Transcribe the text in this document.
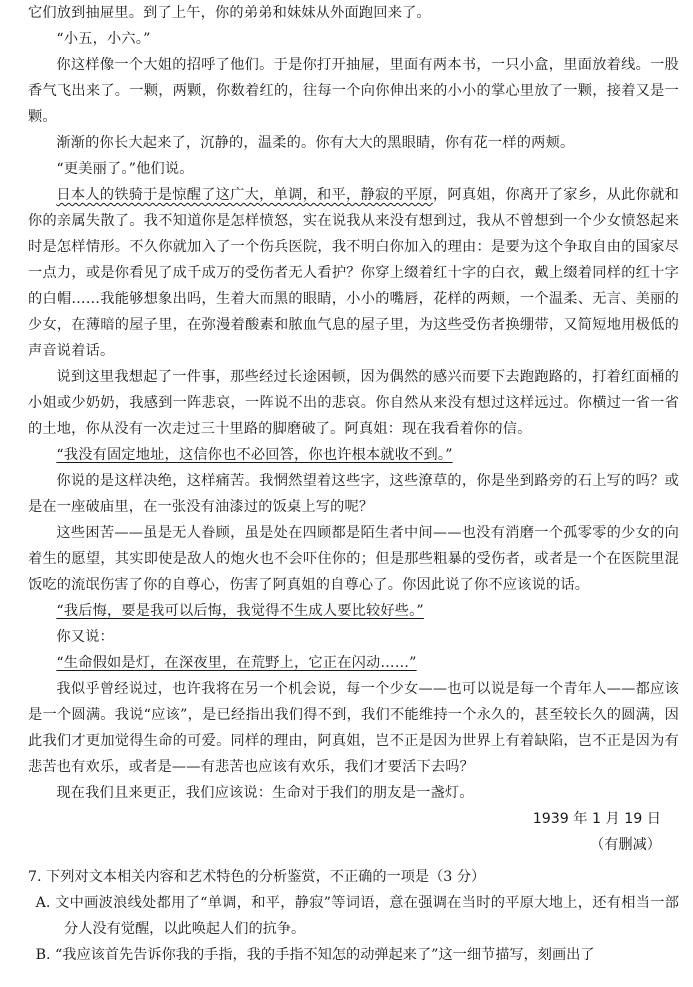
它们放到抽屉里。到了上午，你的弟弟和妹妹从外面跑回来了。

“小五，小六。”

你这样像一个大姐的招呼了他们。于是你打开抽屉，里面有两本书，一只小盒，里面放着线。一股香气飞出来了。一颗，两颗，你数着红的，往每一个向你伸出来的小小的掌心里放了一颗，接着又是一颗。

渐渐的你长大起来了，沉静的，温柔的。你有大大的黑眼睛，你有花一样的两颊。

“更美丽了。”他们说。

日本人的铁骑于是惊醒了这广大，单调，和平，静寂的平原，阿真姐，你离开了家乡，从此你就和你的亲属失散了。我不知道你是怎样愤怒，实在说我从来没有想到过，我从不曾想到一个少女愤怒起来时是怎样情形。不久你就加入了一个伤兵医院，我不明白你加入的理由：是要为这个争取自由的国家尽一点力，或是你看见了成千成万的受伤者无人看护？你穿上缀着红十字的白衣，戴上缀着同样的红十字的白帽……我能够想象出吗，生着大而黑的眼睛，小小的嘴唇，花样的两颊，一个温柔、无言、美丽的少女，在薄暗的屋子里，在弥漫着酸素和脓血气息的屋子里，为这些受伤者换绷带，又简短地用极低的声音说着话。

说到这里我想起了一件事，那些经过长途困顿，因为偶然的感兴而要下去跑跑路的，打着红面桶的小姐或少奶奶，我感到一阵悲哀，一阵说不出的悲哀。你自然从来没有想过这样远过。你横过一省一省的土地，你从没有一次走过三十里路的脚磨破了。阿真姐：现在我看着你的信。

“我没有固定地址，这信你也不必回答，你也许根本就收不到。”

你说的是这样决绝，这样痛苦。我惘然望着这些字，这些潦草的，你是坐到路旁的石上写的吗？或是在一座破庙里，在一张没有油漆过的饭桌上写的呢？

这些困苦——虽是无人眷顾，虽是处在四顾都是陌生者中间——也没有消磨一个孤零零的少女的向着生的愿望，其实即使是敌人的炮火也不会吓住你的；但是那些粗暴的受伤者，或者是一个在医院里混饭吃的流氓伤害了你的自尊心，伤害了阿真姐的自尊心了。你因此说了你不应该说的话。

“我后悔，要是我可以后悔，我觉得不生成人要比较好些。”

你又说：

“生命假如是灯，在深夜里，在荒野上，它正在闪动……”

我似乎曾经说过，也许我将在另一个机会说，每一个少女——也可以说是每一个青年人——都应该是一个圆满。我说“应该”，是已经指出我们得不到，我们不能维持一个永久的，甚至较长久的圆满，因此我们才更加觉得生命的可爱。同样的理由，阿真姐，岂不正是因为世界上有着缺陷，岂不正是因为有悲苦也有欢乐，或者是——有悲苦也应该有欢乐，我们才要活下去吗？

现在我们且来更正，我们应该说：生命对于我们的朋友是一盏灯。

1939 年 1 月 19 日

（有删减）

7. 下列对文本相关内容和艺术特色的分析鉴赏，不正确的一项是（3 分）

A. 文中画波浪线处都用了“单调，和平，静寂”等词语，意在强调在当时的平原大地上，还有相当一部分人没有觉醒，以此唤起人们的抗争。

B. “我应该首先告诉你我的手指，我的手指不知怎的动弹起来了”这一细节描写，刻画出了
